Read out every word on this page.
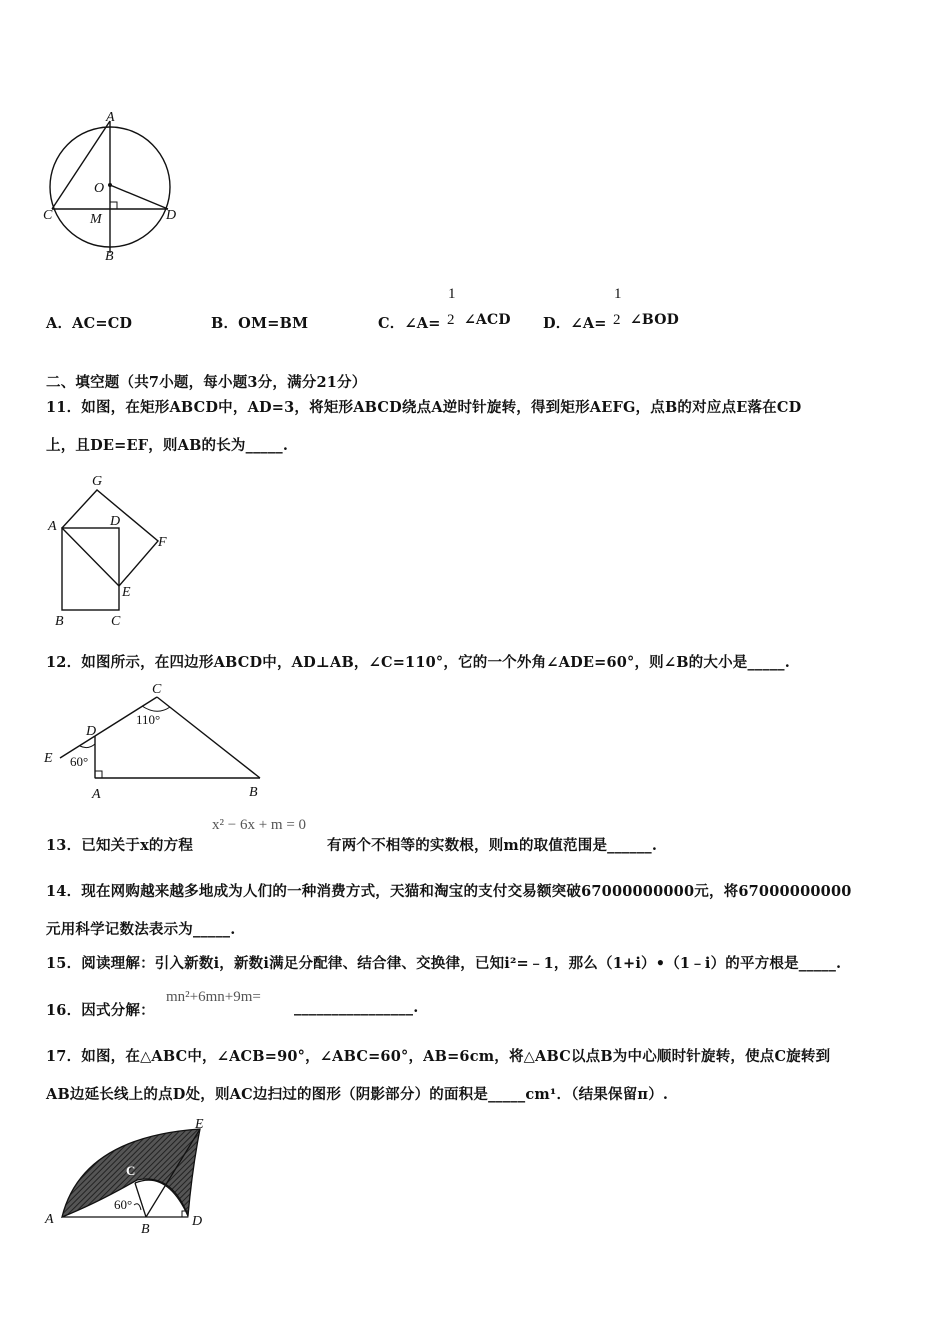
A
O
C	M	D
B
A．AC=CD	B．OM=BM	C．∠A=
1
2 ∠ACD D．∠A=
1
2 ∠BOD
二、填空题（共7小题，每小题3分，满分21分）
11．如图，在矩形ABCD中，AD=3，将矩形ABCD绕点A逆时针旋转，得到矩形AEFG，点B的对应点E落在CD
上，且DE=EF，则AB的长为_____.
G
A	D
F
E
B	C
12．如图所示，在四边形ABCD中，AD⊥AB，∠C=110°，它的一个外角∠ADE=60°，则∠B的大小是_____.
C
110°
D
E 60°
A	B
13．已知关于x的方程
x² − 6x + m = 0
有两个不相等的实数根，则m的取值范围是______.
14．现在网购越来越多地成为人们的一种消费方式，天猫和淘宝的支付交易额突破67000000000元，将67000000000
元用科学记数法表示为_____.
15．阅读理解：引入新数i，新数i满足分配律、结合律、交换律，已知i²=﹣1，那么（1+i）•（1﹣i）的平方根是_____.
16．因式分解：
mn²+6mn+9m=
________________.
17．如图，在△ABC中，∠ACB=90°，∠ABC=60°，AB=6cm，将△ABC以点B为中心顺时针旋转，使点C旋转到
AB边延长线上的点D处，则AC边扫过的图形（阴影部分）的面积是_____cm¹．（结果保留π）.
E
C
60°
A
B
D
